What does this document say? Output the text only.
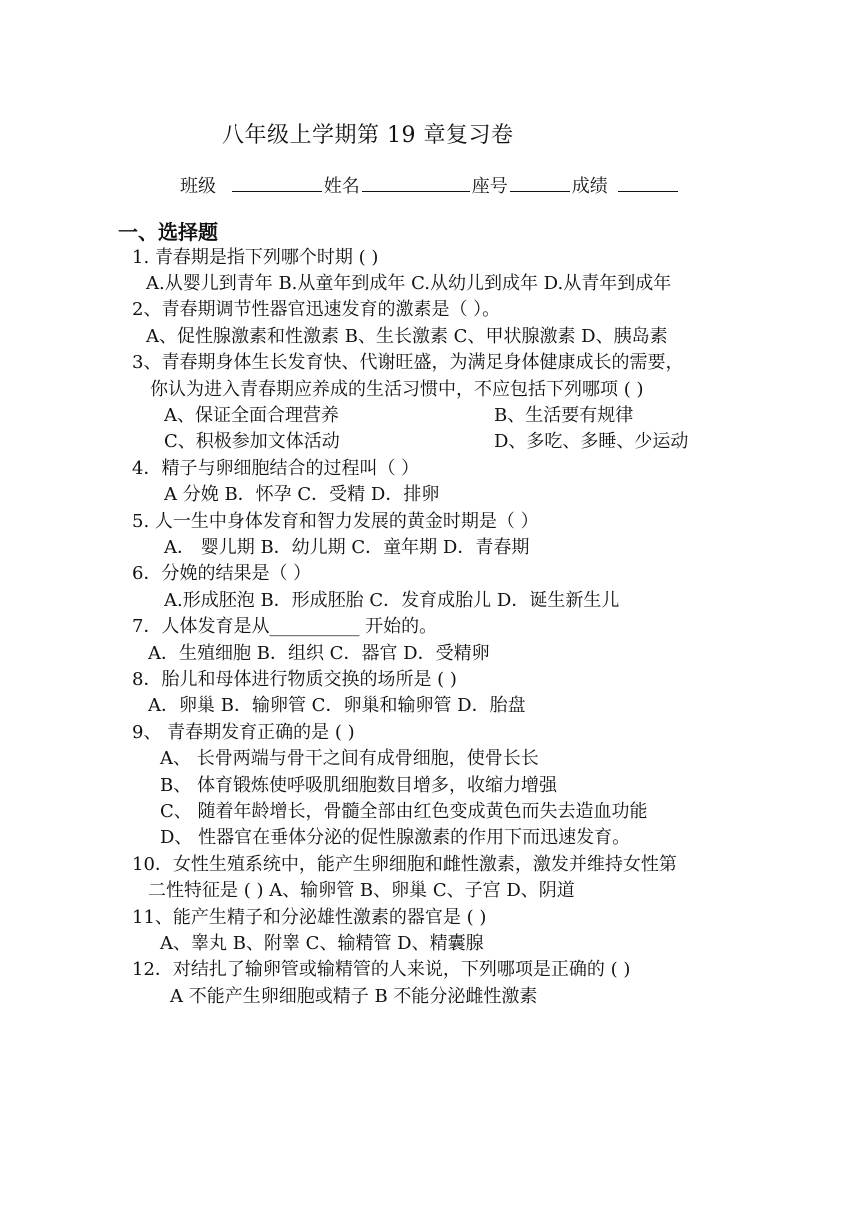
八年级上学期第 19 章复习卷
班级	姓名	座号	成绩
一、选择题
1. 青春期是指下列哪个时期 ( )
A.从婴儿到青年 B.从童年到成年 C.从幼儿到成年 D.从青年到成年
2、青春期调节性器官迅速发育的激素是（ ）。
A、促性腺激素和性激素 B、生长激素 C、甲状腺激素 D、胰岛素
3、青春期身体生长发育快、代谢旺盛，为满足身体健康成长的需要，
你认为进入青春期应养成的生活习惯中，不应包括下列哪项 ( )
A、保证全面合理营养	B、生活要有规律
C、积极参加文体活动	D、多吃、多睡、少运动
4．精子与卵细胞结合的过程叫（ ）
A 分娩 B．怀孕 C．受精 D．排卵
5. 人一生中身体发育和智力发展的黄金时期是（ ）
A． 婴儿期 B．幼儿期 C．童年期 D．青春期
6．分娩的结果是（ ）
A.形成胚泡 B．形成胚胎 C．发育成胎儿 D．诞生新生儿
7．人体发育是从__________ 开始的。
A．生殖细胞 B．组织 C．器官 D．受精卵
8．胎儿和母体进行物质交换的场所是 ( )
A．卵巢 B．输卵管 C．卵巢和输卵管 D．胎盘
9、 青春期发育正确的是 ( )
A、 长骨两端与骨干之间有成骨细胞，使骨长长
B、 体育锻炼使呼吸肌细胞数目增多，收缩力增强
C、 随着年龄增长，骨髓全部由红色变成黄色而失去造血功能
D、 性器官在垂体分泌的促性腺激素的作用下而迅速发育。
10．女性生殖系统中，能产生卵细胞和雌性激素，激发并维持女性第
二性特征是 ( ) A、输卵管 B、卵巢 C、子宫 D、阴道
11、能产生精子和分泌雄性激素的器官是 ( )
A、睾丸 B、附睾 C、输精管 D、精囊腺
12．对结扎了输卵管或输精管的人来说，下列哪项是正确的 ( )
A 不能产生卵细胞或精子 B 不能分泌雌性激素
